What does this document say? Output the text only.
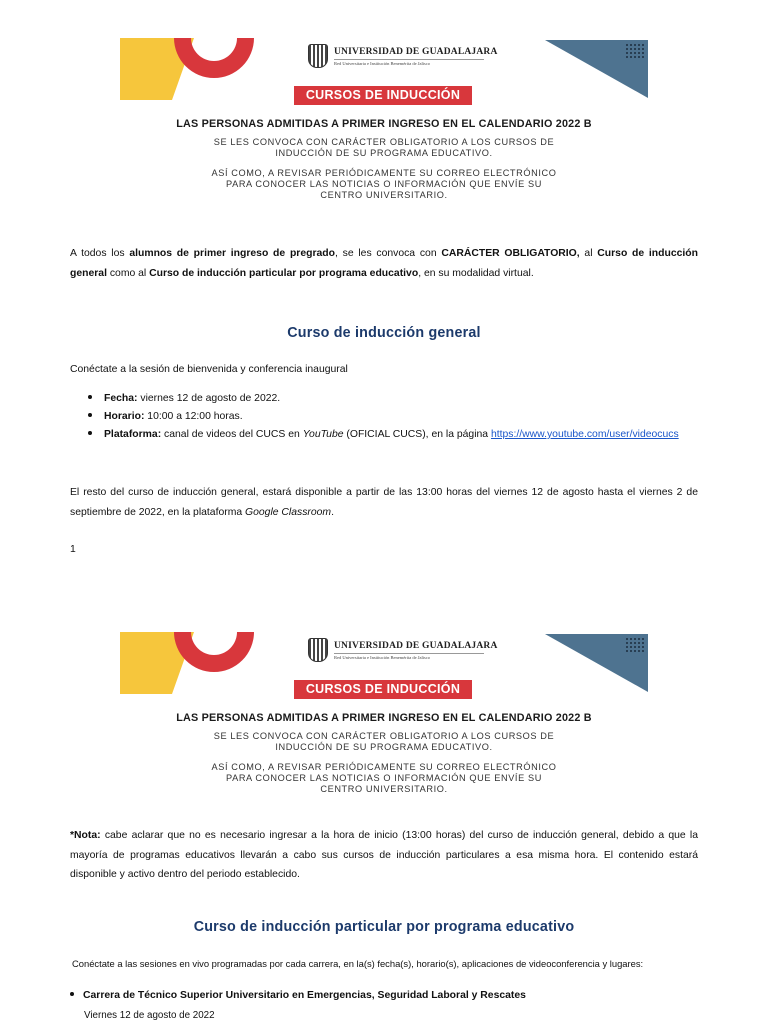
UNIVERSIDAD DE GUADALAJARA
Red Universitaria e Institución Benemérita de Jalisco
CURSOS DE INDUCCIÓN
LAS PERSONAS ADMITIDAS A PRIMER INGRESO EN EL CALENDARIO 2022 B
SE LES CONVOCA CON CARÁCTER OBLIGATORIO A LOS CURSOS DE
INDUCCIÓN DE SU PROGRAMA EDUCATIVO.
ASÍ COMO, A REVISAR PERIÓDICAMENTE SU CORREO ELECTRÓNICO
PARA CONOCER LAS NOTICIAS O INFORMACIÓN QUE ENVÍE SU
CENTRO UNIVERSITARIO.
A todos los alumnos de primer ingreso de pregrado, se les convoca con CARÁCTER OBLIGATORIO, al Curso de inducción general como al Curso de inducción particular por programa educativo, en su modalidad virtual.
Curso de inducción general
Conéctate a la sesión de bienvenida y conferencia inaugural
Fecha: viernes 12 de agosto de 2022.
Horario: 10:00 a 12:00 horas.
Plataforma: canal de videos del CUCS en YouTube (OFICIAL CUCS), en la página https://www.youtube.com/user/videocucs
El resto del curso de inducción general, estará disponible a partir de las 13:00 horas del viernes 12 de agosto hasta el viernes 2 de septiembre de 2022, en la plataforma Google Classroom.
1
UNIVERSIDAD DE GUADALAJARA
Red Universitaria e Institución Benemérita de Jalisco
CURSOS DE INDUCCIÓN
LAS PERSONAS ADMITIDAS A PRIMER INGRESO EN EL CALENDARIO 2022 B
SE LES CONVOCA CON CARÁCTER OBLIGATORIO A LOS CURSOS DE
INDUCCIÓN DE SU PROGRAMA EDUCATIVO.
ASÍ COMO, A REVISAR PERIÓDICAMENTE SU CORREO ELECTRÓNICO
PARA CONOCER LAS NOTICIAS O INFORMACIÓN QUE ENVÍE SU
CENTRO UNIVERSITARIO.
*Nota: cabe aclarar que no es necesario ingresar a la hora de inicio (13:00 horas) del curso de inducción general, debido a que la mayoría de programas educativos llevarán a cabo sus cursos de inducción particulares a esa misma hora. El contenido estará disponible y activo dentro del periodo establecido.
Curso de inducción particular por programa educativo
Conéctate a las sesiones en vivo programadas por cada carrera, en la(s) fecha(s), horario(s), aplicaciones de videoconferencia y lugares:
Carrera de Técnico Superior Universitario en Emergencias, Seguridad Laboral y Rescates
Viernes 12 de agosto de 2022
